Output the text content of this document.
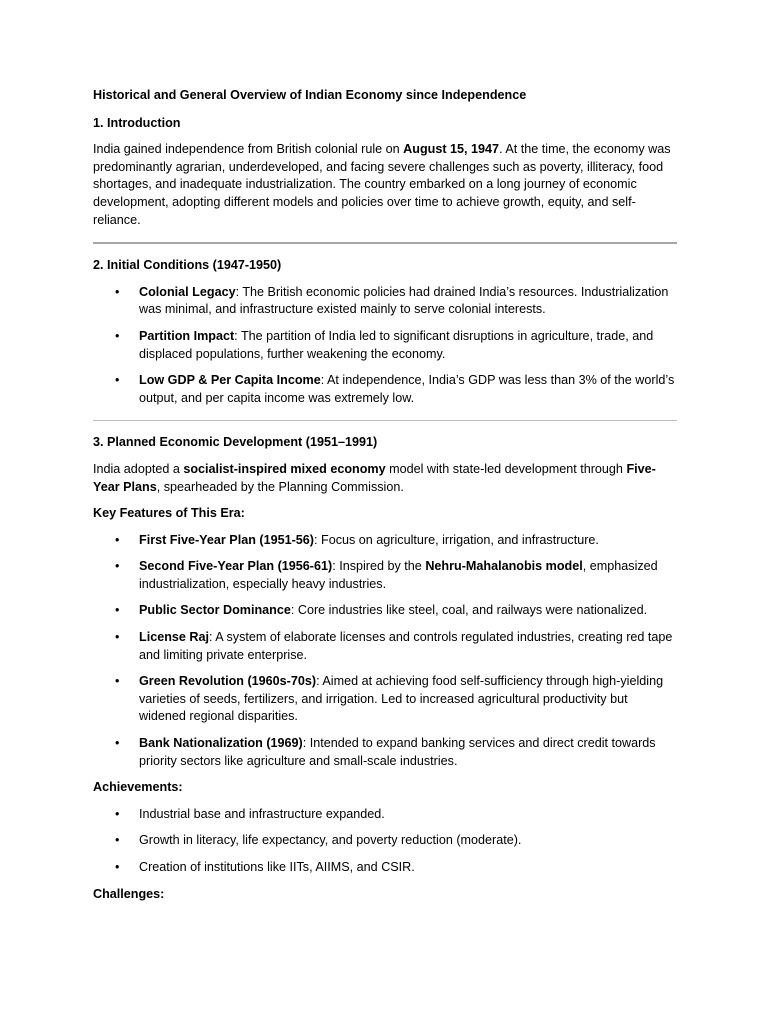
Historical and General Overview of Indian Economy since Independence

1. Introduction

India gained independence from British colonial rule on August 15, 1947. At the time, the economy was predominantly agrarian, underdeveloped, and facing severe challenges such as poverty, illiteracy, food shortages, and inadequate industrialization. The country embarked on a long journey of economic development, adopting different models and policies over time to achieve growth, equity, and self-reliance.

2. Initial Conditions (1947-1950)

• Colonial Legacy: The British economic policies had drained India’s resources. Industrialization was minimal, and infrastructure existed mainly to serve colonial interests.
• Partition Impact: The partition of India led to significant disruptions in agriculture, trade, and displaced populations, further weakening the economy.
• Low GDP & Per Capita Income: At independence, India’s GDP was less than 3% of the world’s output, and per capita income was extremely low.

3. Planned Economic Development (1951–1991)

India adopted a socialist-inspired mixed economy model with state-led development through Five-Year Plans, spearheaded by the Planning Commission.

Key Features of This Era:

• First Five-Year Plan (1951-56): Focus on agriculture, irrigation, and infrastructure.
• Second Five-Year Plan (1956-61): Inspired by the Nehru-Mahalanobis model, emphasized industrialization, especially heavy industries.
• Public Sector Dominance: Core industries like steel, coal, and railways were nationalized.
• License Raj: A system of elaborate licenses and controls regulated industries, creating red tape and limiting private enterprise.
• Green Revolution (1960s-70s): Aimed at achieving food self-sufficiency through high-yielding varieties of seeds, fertilizers, and irrigation. Led to increased agricultural productivity but widened regional disparities.
• Bank Nationalization (1969): Intended to expand banking services and direct credit towards priority sectors like agriculture and small-scale industries.

Achievements:

• Industrial base and infrastructure expanded.
• Growth in literacy, life expectancy, and poverty reduction (moderate).
• Creation of institutions like IITs, AIIMS, and CSIR.

Challenges:
